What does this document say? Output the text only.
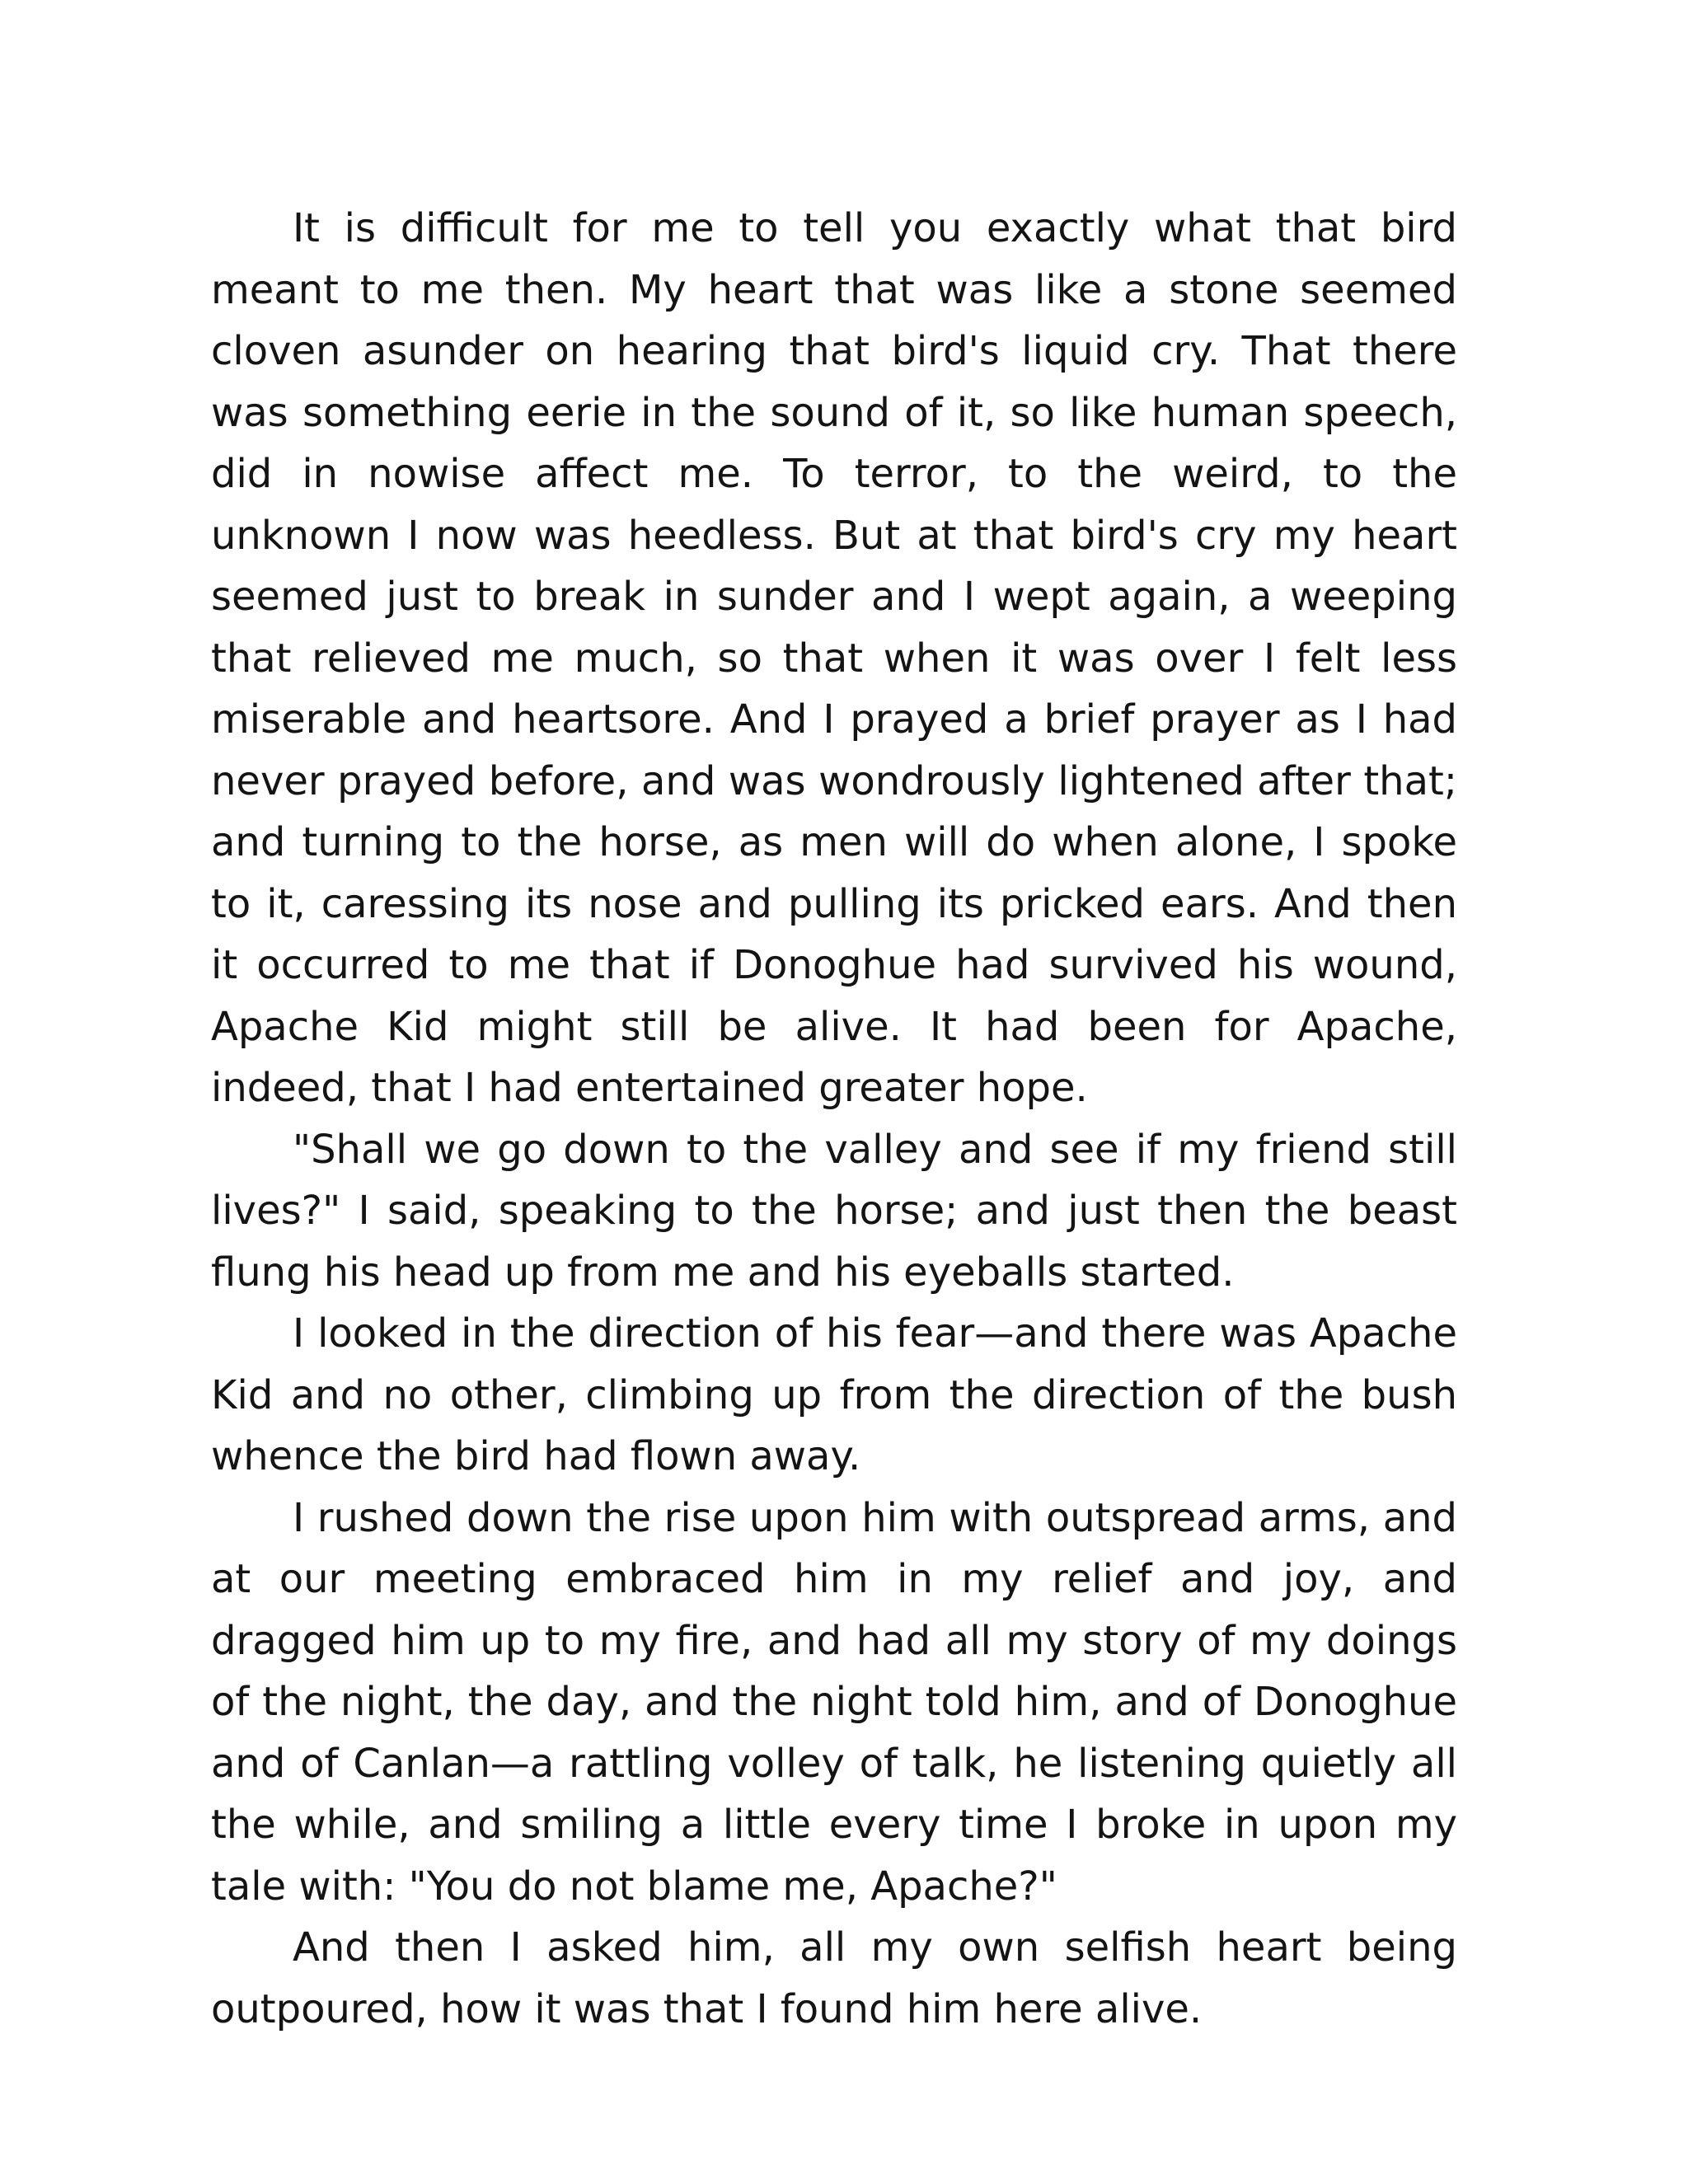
It is difficult for me to tell you exactly what that bird meant to me then. My heart that was like a stone seemed cloven asunder on hearing that bird's liquid cry. That there was something eerie in the sound of it, so like human speech, did in nowise affect me. To terror, to the weird, to the unknown I now was heedless. But at that bird's cry my heart seemed just to break in sunder and I wept again, a weeping that relieved me much, so that when it was over I felt less miserable and heartsore. And I prayed a brief prayer as I had never prayed before, and was wondrously lightened after that; and turning to the horse, as men will do when alone, I spoke to it, caressing its nose and pulling its pricked ears. And then it occurred to me that if Donoghue had survived his wound, Apache Kid might still be alive. It had been for Apache, indeed, that I had entertained greater hope.

"Shall we go down to the valley and see if my friend still lives?" I said, speaking to the horse; and just then the beast flung his head up from me and his eyeballs started.

I looked in the direction of his fear—and there was Apache Kid and no other, climbing up from the direction of the bush whence the bird had flown away.

I rushed down the rise upon him with outspread arms, and at our meeting embraced him in my relief and joy, and dragged him up to my fire, and had all my story of my doings of the night, the day, and the night told him, and of Donoghue and of Canlan—a rattling volley of talk, he listening quietly all the while, and smiling a little every time I broke in upon my tale with: "You do not blame me, Apache?"

And then I asked him, all my own selfish heart being outpoured, how it was that I found him here alive.
